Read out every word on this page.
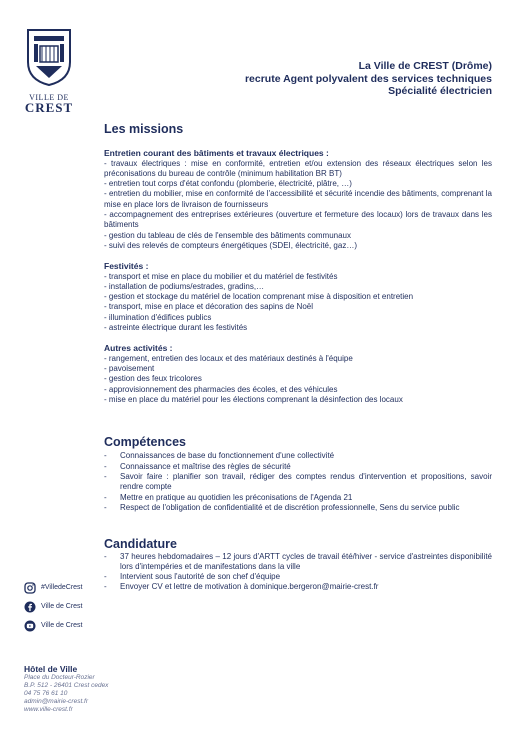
VILLE DE
CREST
La Ville de CREST (Drôme)
recrute Agent polyvalent des services techniques
Spécialité électricien
Les missions
Entretien courant des bâtiments et travaux électriques :
- travaux électriques : mise en conformité, entretien et/ou extension des réseaux électriques selon les préconisations du bureau de contrôle (minimum habilitation BR BT)
- entretien tout corps d'état confondu (plomberie, électricité, plâtre, …)
- entretien du mobilier, mise en conformité de l'accessibilité et sécurité incendie des bâtiments, comprenant la mise en place lors de livraison de fournisseurs
- accompagnement des entreprises extérieures (ouverture et fermeture des locaux) lors de travaux dans les bâtiments
- gestion du tableau de clés de l'ensemble des bâtiments communaux
- suivi des relevés de compteurs énergétiques (SDEI, électricité, gaz…)
Festivités :
- transport et mise en place du mobilier et du matériel de festivités
- installation de podiums/estrades, gradins,…
- gestion et stockage du matériel de location comprenant mise à disposition et entretien
- transport, mise en place et décoration des sapins de Noël
- illumination d'édifices publics
- astreinte électrique durant les festivités
Autres activités :
- rangement, entretien des locaux et des matériaux destinés à l'équipe
- pavoisement
- gestion des feux tricolores
- approvisionnement des pharmacies des écoles, et des véhicules
- mise en place du matériel pour les élections comprenant la désinfection des locaux
Compétences
- Connaissances de base du fonctionnement d'une collectivité
- Connaissance et maîtrise des règles de sécurité
- Savoir faire : planifier son travail, rédiger des comptes rendus d'intervention et propositions, savoir rendre compte
- Mettre en pratique au quotidien les préconisations de l'Agenda 21
- Respect de l'obligation de confidentialité et de discrétion professionnelle, Sens du service public
Candidature
- 37 heures hebdomadaires – 12 jours d'ARTT cycles de travail été/hiver - service d'astreintes disponibilité lors d'intempéries et de manifestations dans la ville
- Intervient sous l'autorité de son chef d'équipe
- Envoyer CV et lettre de motivation à dominique.bergeron@mairie-crest.fr
#VilledeCrest
Ville de Crest
Ville de Crest
Hôtel de Ville
Place du Docteur-Rozier
B.P. 512 - 26401 Crest cedex
04 75 76 61 10
admin@mairie-crest.fr
www.ville-crest.fr
